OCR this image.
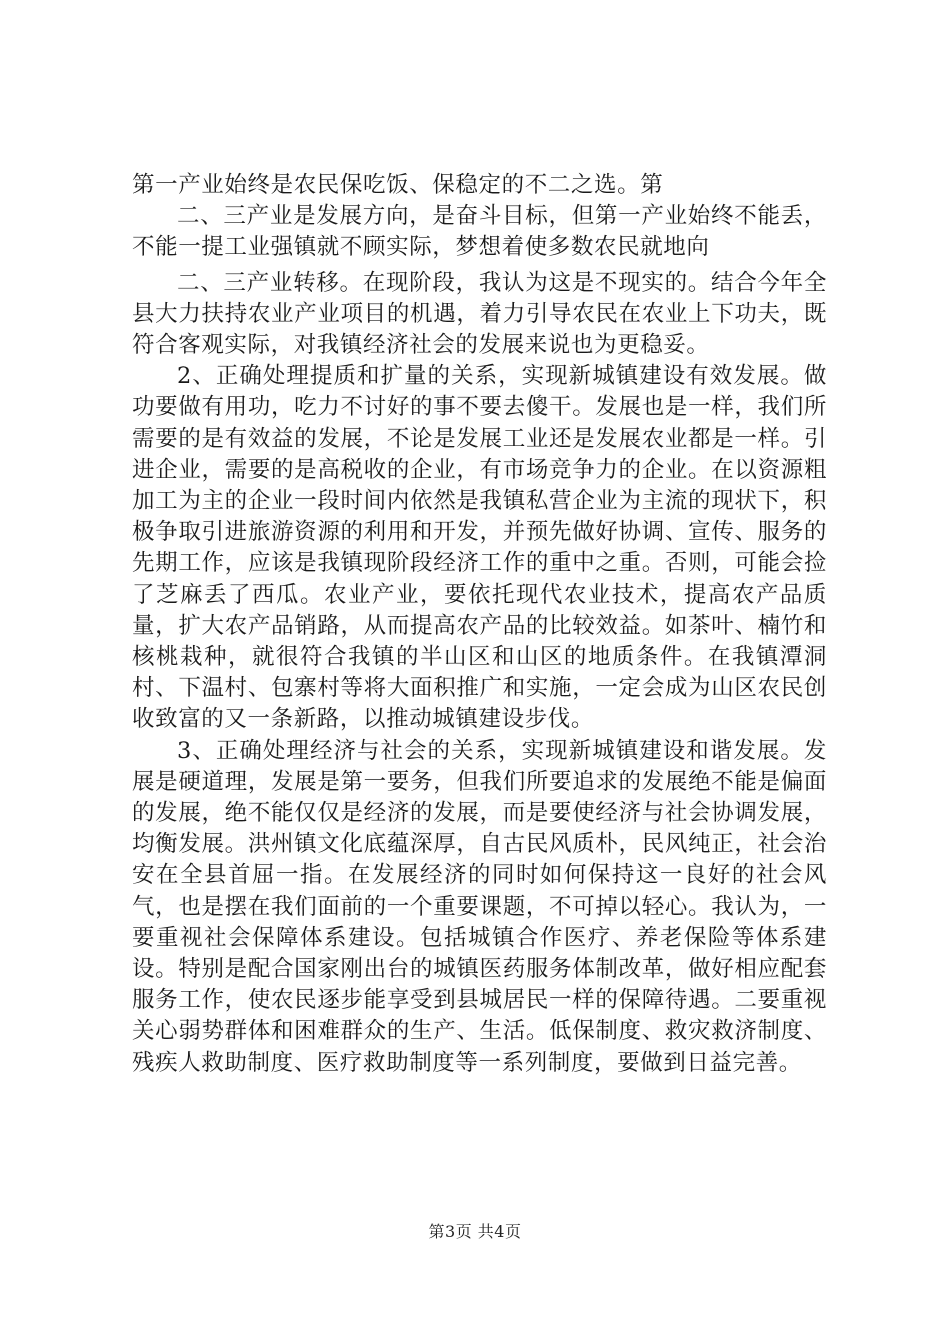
第一产业始终是农民保吃饭、保稳定的不二之选。第

二、三产业是发展方向，是奋斗目标，但第一产业始终不能丢，不能一提工业强镇就不顾实际，梦想着使多数农民就地向

二、三产业转移。在现阶段，我认为这是不现实的。结合今年全县大力扶持农业产业项目的机遇，着力引导农民在农业上下功夫，既符合客观实际，对我镇经济社会的发展来说也为更稳妥。

2、正确处理提质和扩量的关系，实现新城镇建设有效发展。做功要做有用功，吃力不讨好的事不要去傻干。发展也是一样，我们所需要的是有效益的发展，不论是发展工业还是发展农业都是一样。引进企业，需要的是高税收的企业，有市场竞争力的企业。在以资源粗加工为主的企业一段时间内依然是我镇私营企业为主流的现状下，积极争取引进旅游资源的利用和开发，并预先做好协调、宣传、服务的先期工作，应该是我镇现阶段经济工作的重中之重。否则，可能会捡了芝麻丢了西瓜。农业产业，要依托现代农业技术，提高农产品质量，扩大农产品销路，从而提高农产品的比较效益。如茶叶、楠竹和核桃栽种，就很符合我镇的半山区和山区的地质条件。在我镇潭洞村、下温村、包寨村等将大面积推广和实施，一定会成为山区农民创收致富的又一条新路，以推动城镇建设步伐。

3、正确处理经济与社会的关系，实现新城镇建设和谐发展。发展是硬道理，发展是第一要务，但我们所要追求的发展绝不能是偏面的发展，绝不能仅仅是经济的发展，而是要使经济与社会协调发展，均衡发展。洪州镇文化底蕴深厚，自古民风质朴，民风纯正，社会治安在全县首屈一指。在发展经济的同时如何保持这一良好的社会风气，也是摆在我们面前的一个重要课题，不可掉以轻心。我认为，一要重视社会保障体系建设。包括城镇合作医疗、养老保险等体系建设。特别是配合国家刚出台的城镇医药服务体制改革，做好相应配套服务工作，使农民逐步能享受到县城居民一样的保障待遇。二要重视关心弱势群体和困难群众的生产、生活。低保制度、救灾救济制度、残疾人救助制度、医疗救助制度等一系列制度，要做到日益完善。

第3页 共4页
